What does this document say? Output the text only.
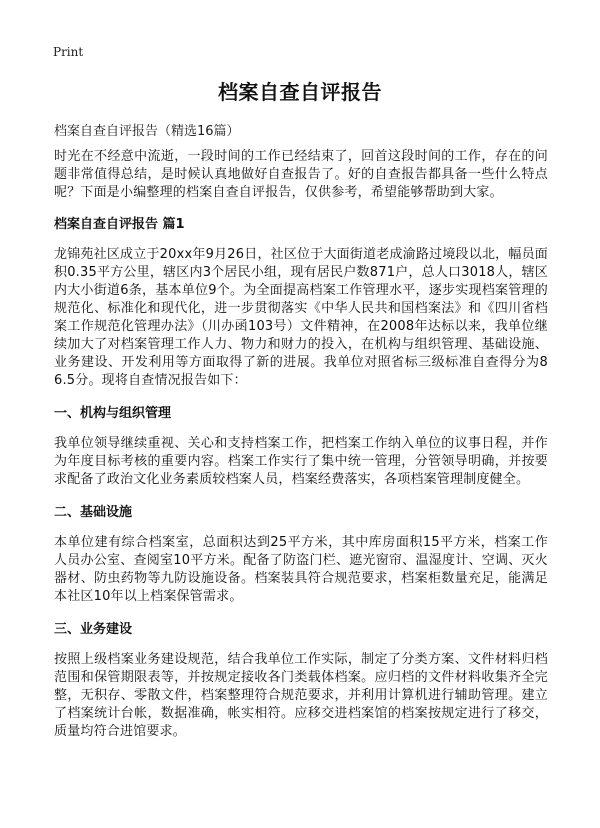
Print
档案自查自评报告

档案自查自评报告（精选16篇）

时光在不经意中流逝，一段时间的工作已经结束了，回首这段时间的工作，存在的问题非常值得总结，是时候认真地做好自查报告了。好的自查报告都具备一些什么特点呢？下面是小编整理的档案自查自评报告，仅供参考，希望能够帮助到大家。

档案自查自评报告 篇1

龙锦苑社区成立于20xx年9月26日，社区位于大面街道老成渝路过境段以北，幅员面积0.35平方公里，辖区内3个居民小组，现有居民户数871户，总人口3018人，辖区内大小街道6条，基本单位9个。为全面提高档案工作管理水平，逐步实现档案管理的规范化、标准化和现代化，进一步贯彻落实《中华人民共和国档案法》和《四川省档案工作规范化管理办法》（川办函103号）文件精神，在2008年达标以来，我单位继续加大了对档案管理工作人力、物力和财力的投入，在机构与组织管理、基础设施、业务建设、开发利用等方面取得了新的进展。我单位对照省标三级标准自查得分为86.5分。现将自查情况报告如下：

一、机构与组织管理

我单位领导继续重视、关心和支持档案工作，把档案工作纳入单位的议事日程，并作为年度目标考核的重要内容。档案工作实行了集中统一管理，分管领导明确，并按要求配备了政治文化业务素质较档案人员，档案经费落实，各项档案管理制度健全。

二、基础设施

本单位建有综合档案室，总面积达到25平方米，其中库房面积15平方米，档案工作人员办公室、查阅室10平方米。配备了防盗门栏、遮光窗帘、温湿度计、空调、灭火器材、防虫药物等九防设施设备。档案装具符合规范要求，档案柜数量充足，能满足本社区10年以上档案保管需求。

三、业务建设

按照上级档案业务建设规范，结合我单位工作实际，制定了分类方案、文件材料归档范围和保管期限表等，并按规定接收各门类载体档案。应归档的文件材料收集齐全完整，无积存、零散文件，档案整理符合规范要求，并利用计算机进行辅助管理。建立了档案统计台帐，数据准确，帐实相符。应移交进档案馆的档案按规定进行了移交，质量均符合进馆要求。
